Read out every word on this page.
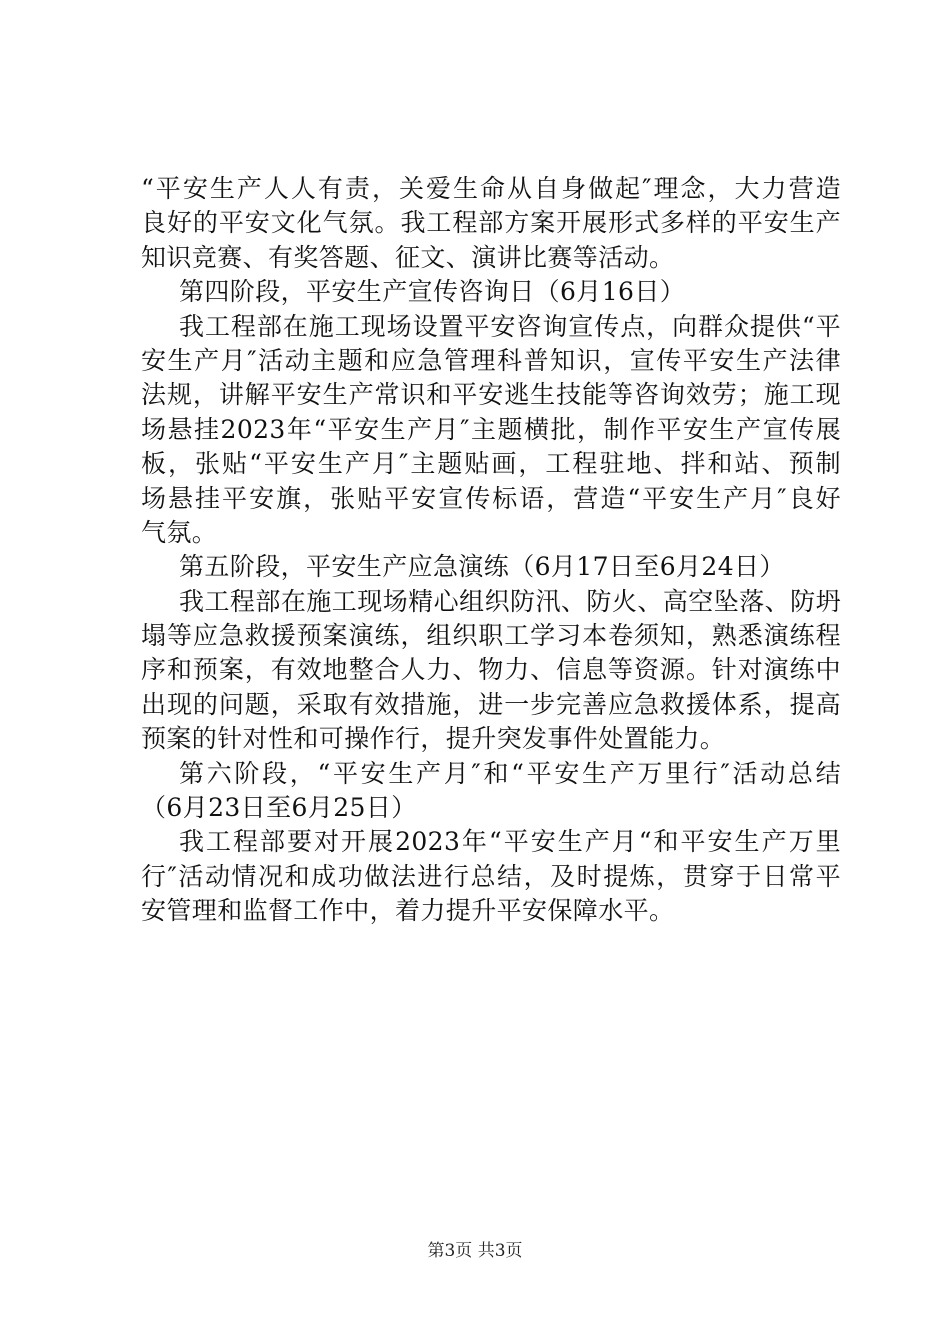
“平安生产人人有责，关爱生命从自身做起″理念，大力营造
良好的平安文化气氛。我工程部方案开展形式多样的平安生产
知识竞赛、有奖答题、征文、演讲比赛等活动。
第四阶段，平安生产宣传咨询日（6月16日）
我工程部在施工现场设置平安咨询宣传点，向群众提供“平
安生产月″活动主题和应急管理科普知识，宣传平安生产法律
法规，讲解平安生产常识和平安逃生技能等咨询效劳；施工现
场悬挂2023年“平安生产月″主题横批，制作平安生产宣传展
板，张贴“平安生产月″主题贴画，工程驻地、拌和站、预制
场悬挂平安旗，张贴平安宣传标语，营造“平安生产月″良好
气氛。
第五阶段，平安生产应急演练（6月17日至6月24日）
我工程部在施工现场精心组织防汛、防火、高空坠落、防坍
塌等应急救援预案演练，组织职工学习本卷须知，熟悉演练程
序和预案，有效地整合人力、物力、信息等资源。针对演练中
出现的问题，采取有效措施，进一步完善应急救援体系，提高
预案的针对性和可操作行，提升突发事件处置能力。
第六阶段，“平安生产月″和“平安生产万里行″活动总结
（6月23日至6月25日）
我工程部要对开展2023年“平安生产月“和平安生产万里
行″活动情况和成功做法进行总结，及时提炼，贯穿于日常平
安管理和监督工作中，着力提升平安保障水平。
第3页 共3页
